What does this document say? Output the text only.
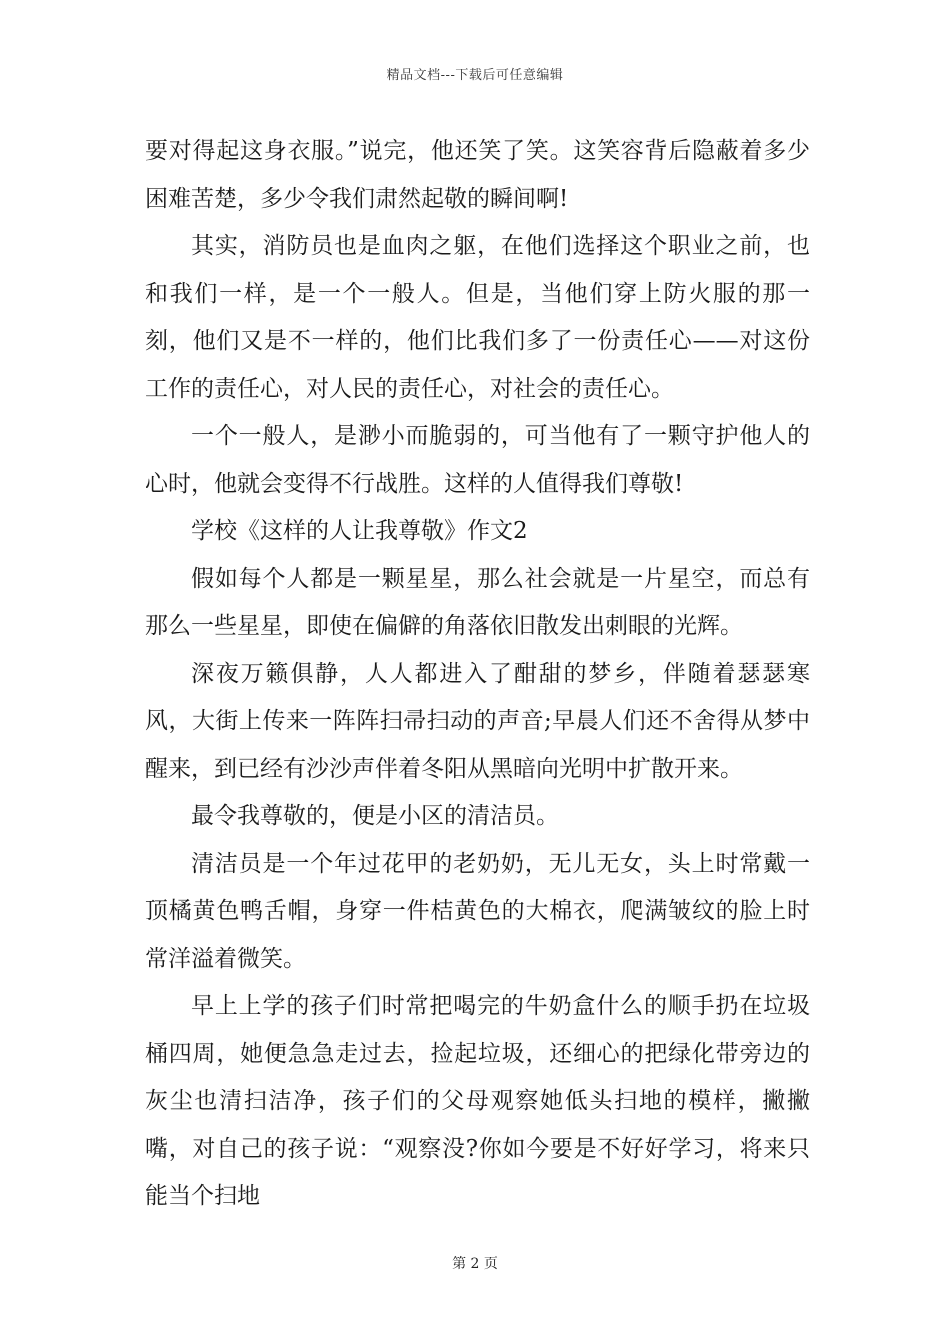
精品文档---下载后可任意编辑

要对得起这身衣服。”说完，他还笑了笑。这笑容背后隐蔽着多少困难苦楚，多少令我们肃然起敬的瞬间啊!

其实，消防员也是血肉之躯，在他们选择这个职业之前，也和我们一样，是一个一般人。但是，当他们穿上防火服的那一刻，他们又是不一样的，他们比我们多了一份责任心——对这份工作的责任心，对人民的责任心，对社会的责任心。

一个一般人，是渺小而脆弱的，可当他有了一颗守护他人的心时，他就会变得不行战胜。这样的人值得我们尊敬!

学校《这样的人让我尊敬》作文2

假如每个人都是一颗星星，那么社会就是一片星空，而总有那么一些星星，即使在偏僻的角落依旧散发出刺眼的光辉。

深夜万籁俱静，人人都进入了酣甜的梦乡，伴随着瑟瑟寒风，大街上传来一阵阵扫帚扫动的声音;早晨人们还不舍得从梦中醒来，到已经有沙沙声伴着冬阳从黑暗向光明中扩散开来。

最令我尊敬的，便是小区的清洁员。

清洁员是一个年过花甲的老奶奶，无儿无女，头上时常戴一顶橘黄色鸭舌帽，身穿一件桔黄色的大棉衣，爬满皱纹的脸上时常洋溢着微笑。

早上上学的孩子们时常把喝完的牛奶盒什么的顺手扔在垃圾桶四周，她便急急走过去，捡起垃圾，还细心的把绿化带旁边的灰尘也清扫洁净，孩子们的父母观察她低头扫地的模样，撇撇嘴，对自己的孩子说：“观察没?你如今要是不好好学习，将来只能当个扫地

第 2 页
